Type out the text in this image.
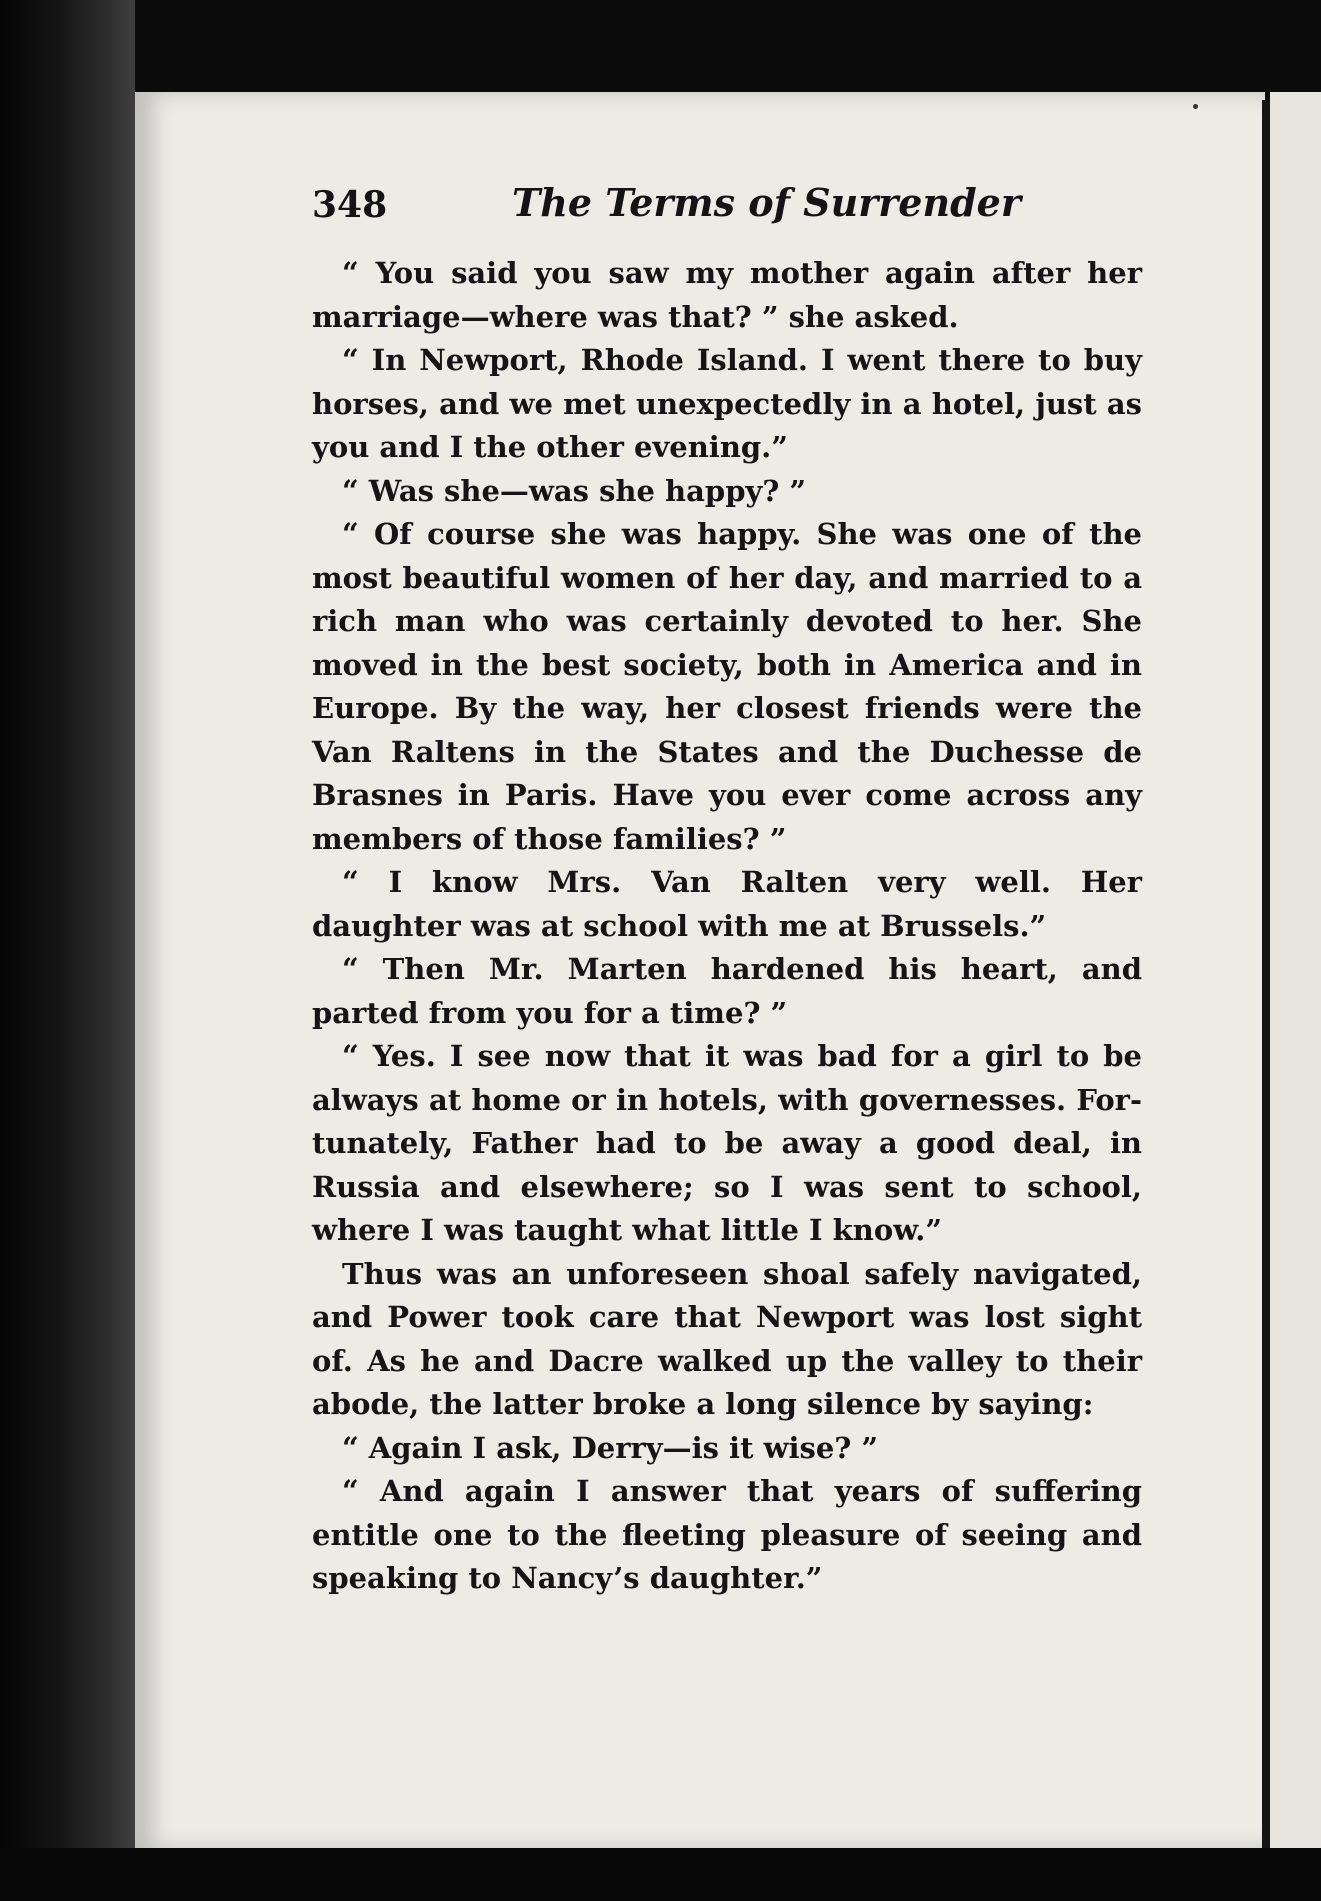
348	The Terms of Surrender

“ You said you saw my mother again after her marriage—where was that? ” she asked.

“ In Newport, Rhode Island. I went there to buy horses, and we met unexpectedly in a hotel, just as you and I the other evening.”

“ Was she—was she happy? ”

“ Of course she was happy. She was one of the most beautiful women of her day, and married to a rich man who was certainly devoted to her. She moved in the best society, both in America and in Europe. By the way, her closest friends were the Van Raltens in the States and the Duchesse de Brasnes in Paris. Have you ever come across any members of those families? ”

“ I know Mrs. Van Ralten very well. Her daughter was at school with me at Brussels.”

“ Then Mr. Marten hardened his heart, and parted from you for a time? ”

“ Yes. I see now that it was bad for a girl to be always at home or in hotels, with governesses. Fortunately, Father had to be away a good deal, in Russia and elsewhere; so I was sent to school, where I was taught what little I know.”

Thus was an unforeseen shoal safely navigated, and Power took care that Newport was lost sight of. As he and Dacre walked up the valley to their abode, the latter broke a long silence by saying:

“ Again I ask, Derry—is it wise? ”

“ And again I answer that years of suffering entitle one to the fleeting pleasure of seeing and speaking to Nancy’s daughter.”
